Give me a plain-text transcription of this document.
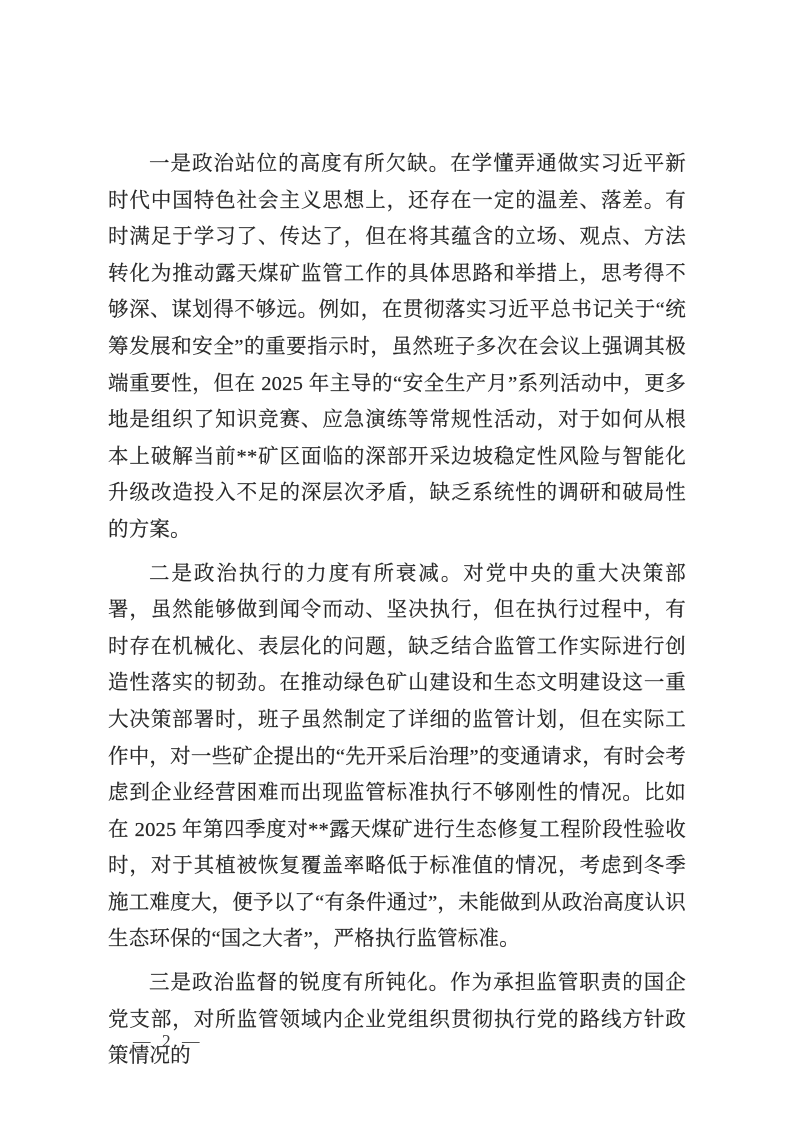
一是政治站位的高度有所欠缺。在学懂弄通做实习近平新时代中国特色社会主义思想上，还存在一定的温差、落差。有时满足于学习了、传达了，但在将其蕴含的立场、观点、方法转化为推动露天煤矿监管工作的具体思路和举措上，思考得不够深、谋划得不够远。例如，在贯彻落实习近平总书记关于“统筹发展和安全”的重要指示时，虽然班子多次在会议上强调其极端重要性，但在 2025 年主导的“安全生产月”系列活动中，更多地是组织了知识竞赛、应急演练等常规性活动，对于如何从根本上破解当前**矿区面临的深部开采边坡稳定性风险与智能化升级改造投入不足的深层次矛盾，缺乏系统性的调研和破局性的方案。

二是政治执行的力度有所衰减。对党中央的重大决策部署，虽然能够做到闻令而动、坚决执行，但在执行过程中，有时存在机械化、表层化的问题，缺乏结合监管工作实际进行创造性落实的韧劲。在推动绿色矿山建设和生态文明建设这一重大决策部署时，班子虽然制定了详细的监管计划，但在实际工作中，对一些矿企提出的“先开采后治理”的变通请求，有时会考虑到企业经营困难而出现监管标准执行不够刚性的情况。比如在 2025 年第四季度对**露天煤矿进行生态修复工程阶段性验收时，对于其植被恢复覆盖率略低于标准值的情况，考虑到冬季施工难度大，便予以了“有条件通过”，未能做到从政治高度认识生态环保的“国之大者”，严格执行监管标准。

三是政治监督的锐度有所钝化。作为承担监管职责的国企党支部，对所监管领域内企业党组织贯彻执行党的路线方针政策情况的

— 2 —
